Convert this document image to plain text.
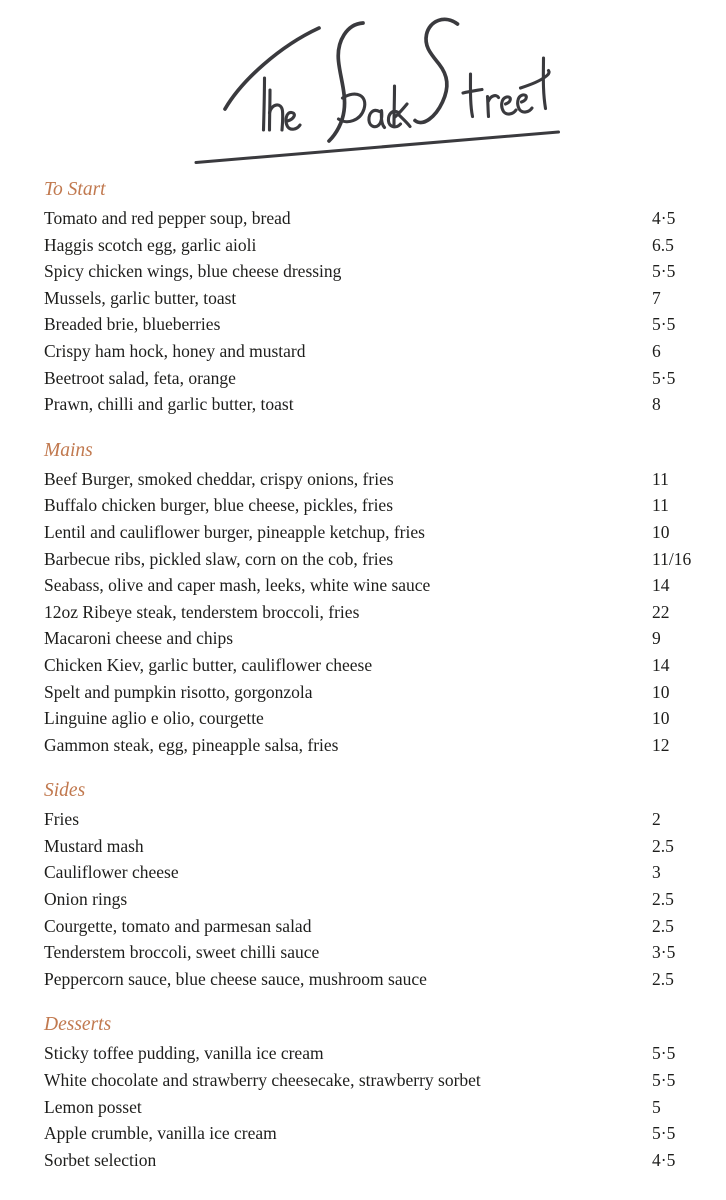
To Start
Tomato and red pepper soup, bread	4·5
Haggis scotch egg, garlic aioli	6.5
Spicy chicken wings, blue cheese dressing	5·5
Mussels, garlic butter, toast	7
Breaded brie, blueberries	5·5
Crispy ham hock, honey and mustard	6
Beetroot salad, feta, orange	5·5
Prawn, chilli and garlic butter, toast	8
Mains
Beef Burger, smoked cheddar, crispy onions, fries	11
Buffalo chicken burger, blue cheese, pickles, fries	11
Lentil and cauliflower burger, pineapple ketchup, fries	10
Barbecue ribs, pickled slaw, corn on the cob, fries	11/16
Seabass, olive and caper mash, leeks, white wine sauce	14
12oz Ribeye steak, tenderstem broccoli, fries	22
Macaroni cheese and chips	9
Chicken Kiev, garlic butter, cauliflower cheese	14
Spelt and pumpkin risotto, gorgonzola	10
Linguine aglio e olio, courgette	10
Gammon steak, egg, pineapple salsa, fries	12
Sides
Fries	2
Mustard mash	2.5
Cauliflower cheese	3
Onion rings	2.5
Courgette, tomato and parmesan salad	2.5
Tenderstem broccoli, sweet chilli sauce	3·5
Peppercorn sauce, blue cheese sauce, mushroom sauce	2.5
Desserts
Sticky toffee pudding, vanilla ice cream	5·5
White chocolate and strawberry cheesecake, strawberry sorbet	5·5
Lemon posset	5
Apple crumble, vanilla ice cream	5·5
Sorbet selection	4·5
